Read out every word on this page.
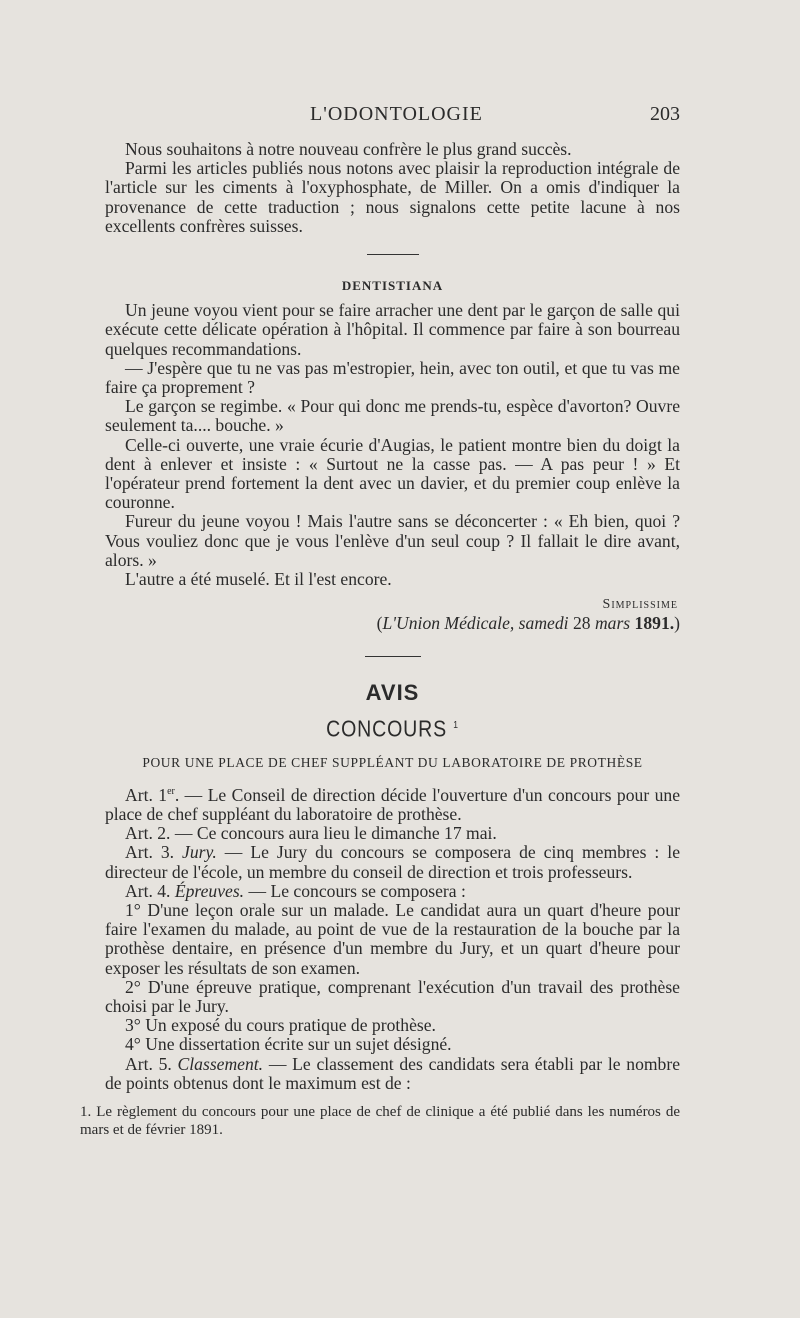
L'ODONTOLOGIE	203

Nous souhaitons à notre nouveau confrère le plus grand succès.

Parmi les articles publiés nous notons avec plaisir la reproduction intégrale de l'article sur les ciments à l'oxyphosphate, de Miller. On a omis d'indiquer la provenance de cette traduction ; nous signalons cette petite lacune à nos excellents confrères suisses.

DENTISTIANA

Un jeune voyou vient pour se faire arracher une dent par le garçon de salle qui exécute cette délicate opération à l'hôpital. Il commence par faire à son bourreau quelques recommandations.

— J'espère que tu ne vas pas m'estropier, hein, avec ton outil, et que tu vas me faire ça proprement ?

Le garçon se regimbe. « Pour qui donc me prends-tu, espèce d'avorton? Ouvre seulement ta.... bouche. »

Celle-ci ouverte, une vraie écurie d'Augias, le patient montre bien du doigt la dent à enlever et insiste : « Surtout ne la casse pas. — A pas peur ! » Et l'opérateur prend fortement la dent avec un davier, et du premier coup enlève la couronne.

Fureur du jeune voyou ! Mais l'autre sans se déconcerter : « Eh bien, quoi ? Vous vouliez donc que je vous l'enlève d'un seul coup ? Il fallait le dire avant, alors. »

L'autre a été muselé. Et il l'est encore.

Simplissime

(L'Union Médicale, samedi 28 mars 1891.)

AVIS
CONCOURS $^1$
POUR UNE PLACE DE CHEF SUPPLÉANT DU LABORATOIRE DE PROTHÈSE

Art. 1er. — Le Conseil de direction décide l'ouverture d'un concours pour une place de chef suppléant du laboratoire de prothèse.

Art. 2. — Ce concours aura lieu le dimanche 17 mai.

Art. 3. Jury. — Le Jury du concours se composera de cinq membres : le directeur de l'école, un membre du conseil de direction et trois professeurs.

Art. 4. Épreuves. — Le concours se composera :

1° D'une leçon orale sur un malade. Le candidat aura un quart d'heure pour faire l'examen du malade, au point de vue de la restauration de la bouche par la prothèse dentaire, en présence d'un membre du Jury, et un quart d'heure pour exposer les résultats de son examen.

2° D'une épreuve pratique, comprenant l'exécution d'un travail des prothèse choisi par le Jury.

3° Un exposé du cours pratique de prothèse.

4° Une dissertation écrite sur un sujet désigné.

Art. 5. Classement. — Le classement des candidats sera établi par le nombre de points obtenus dont le maximum est de :

1. Le règlement du concours pour une place de chef de clinique a été publié dans les numéros de mars et de février 1891.
